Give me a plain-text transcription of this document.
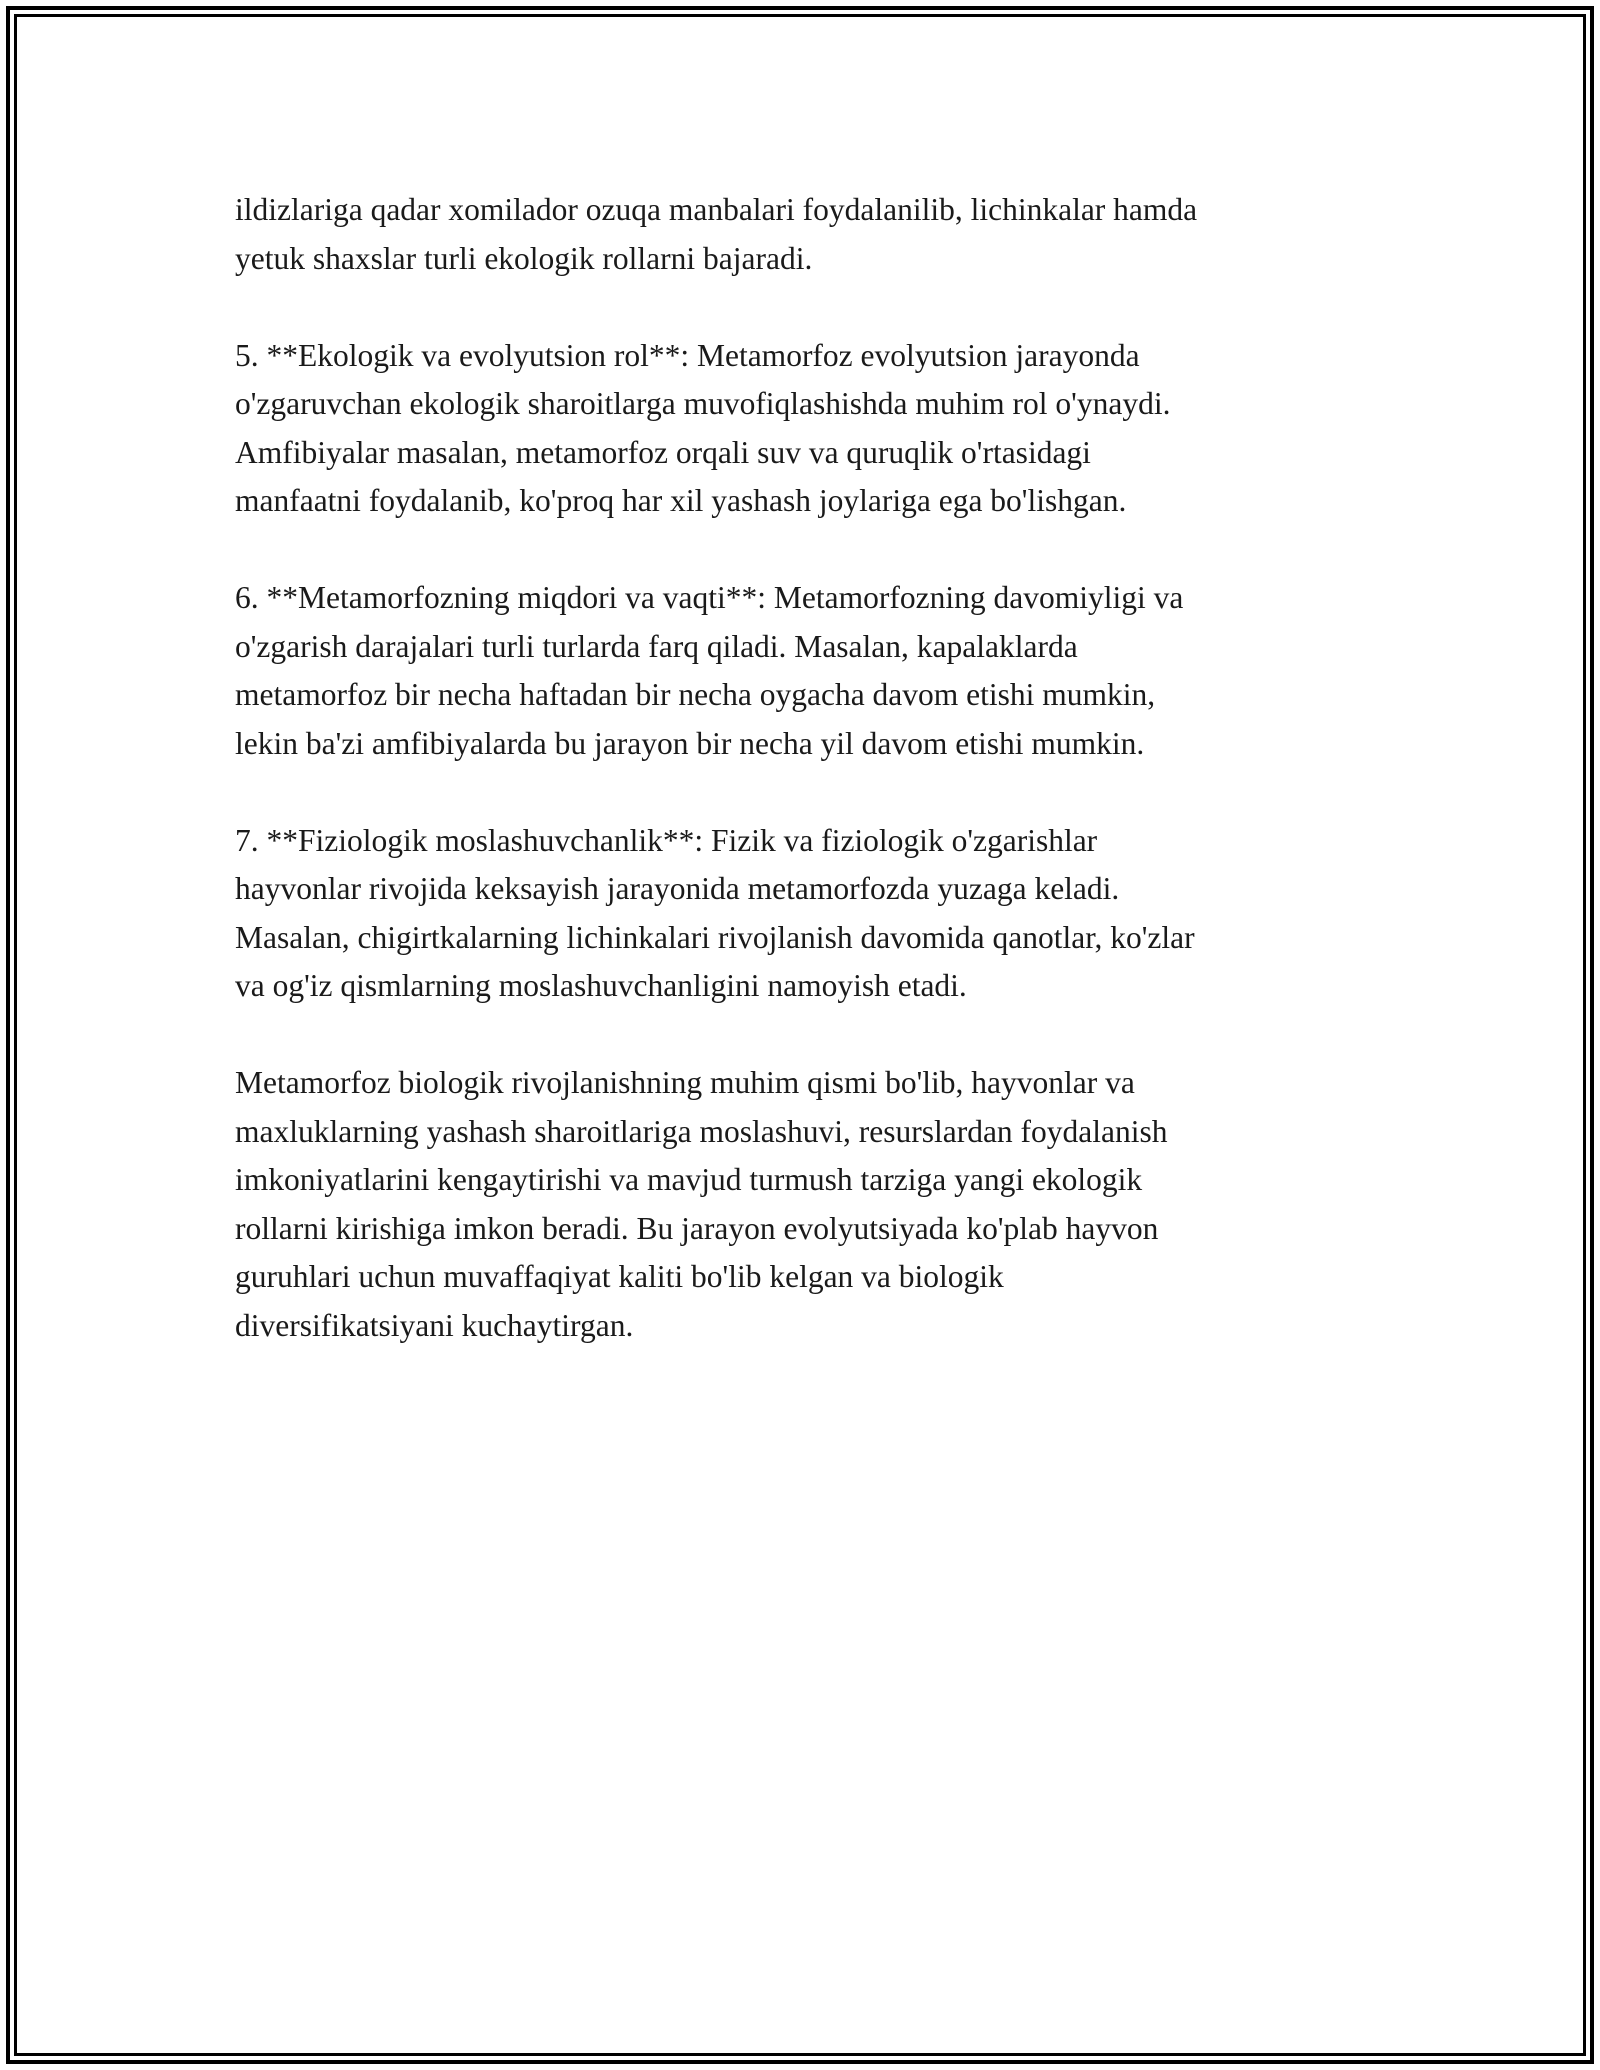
ildizlariga qadar xomilador ozuqa manbalari foydalanilib, lichinkalar hamda
yetuk shaxslar turli ekologik rollarni bajaradi.

5. **Ekologik va evolyutsion rol**: Metamorfoz evolyutsion jarayonda
o'zgaruvchan ekologik sharoitlarga muvofiqlashishda muhim rol o'ynaydi.
Amfibiyalar masalan, metamorfoz orqali suv va quruqlik o'rtasidagi
manfaatni foydalanib, ko'proq har xil yashash joylariga ega bo'lishgan.

6. **Metamorfozning miqdori va vaqti**: Metamorfozning davomiyligi va
o'zgarish darajalari turli turlarda farq qiladi. Masalan, kapalaklarda
metamorfoz bir necha haftadan bir necha oygacha davom etishi mumkin,
lekin ba'zi amfibiyalarda bu jarayon bir necha yil davom etishi mumkin.

7. **Fiziologik moslashuvchanlik**: Fizik va fiziologik o'zgarishlar
hayvonlar rivojida keksayish jarayonida metamorfozda yuzaga keladi.
Masalan, chigirtkalarning lichinkalari rivojlanish davomida qanotlar, ko'zlar
va og'iz qismlarning moslashuvchanligini namoyish etadi.

Metamorfoz biologik rivojlanishning muhim qismi bo'lib, hayvonlar va
maxluklarning yashash sharoitlariga moslashuvi, resurslardan foydalanish
imkoniyatlarini kengaytirishi va mavjud turmush tarziga yangi ekologik
rollarni kirishiga imkon beradi. Bu jarayon evolyutsiyada ko'plab hayvon
guruhlari uchun muvaffaqiyat kaliti bo'lib kelgan va biologik
diversifikatsiyani kuchaytirgan.
